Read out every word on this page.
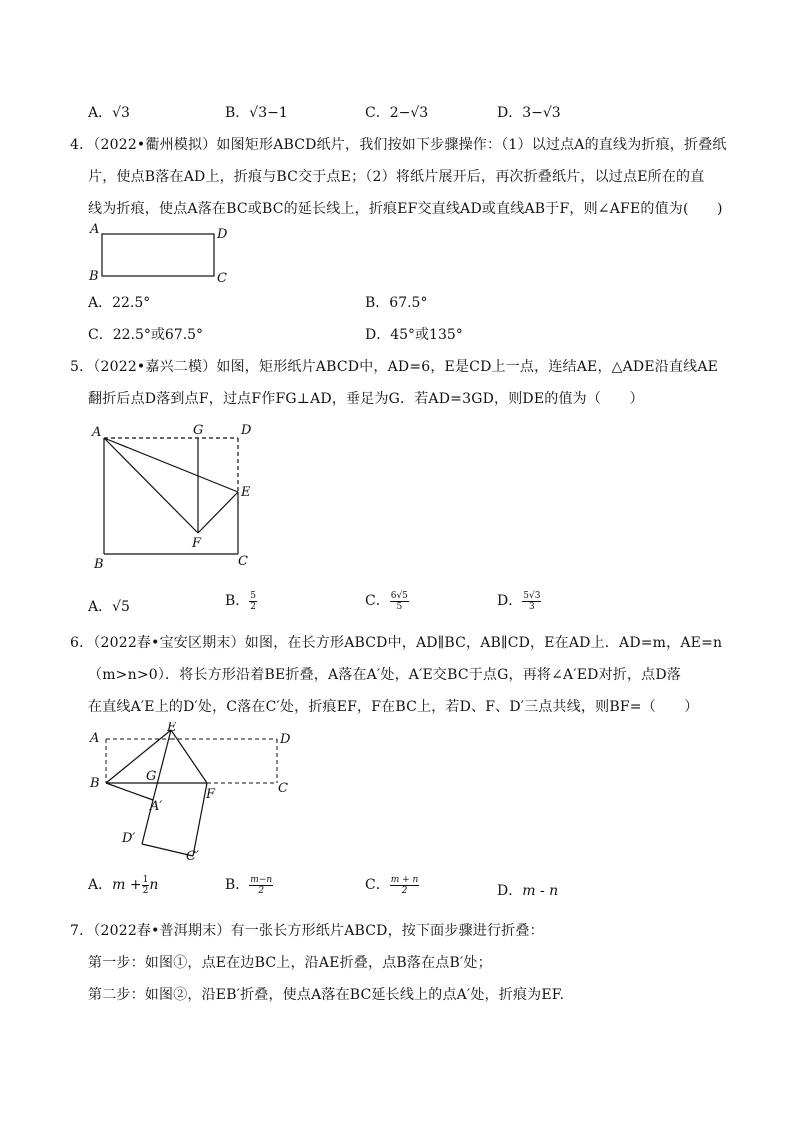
A．√3	B．√3−1	C．2−√3	D．3−√3
4．（2022•衢州模拟）如图矩形ABCD纸片，我们按如下步骤操作：（1）以过点A的直线为折痕，折叠纸
片，使点B落在AD上，折痕与BC交于点E；（2）将纸片展开后，再次折叠纸片，以过点E所在的直
线为折痕，使点A落在BC或BC的延长线上，折痕EF交直线AD或直线AB于F，则∠AFE的值为(　　)
A	D
B	C
A．22.5°	B．67.5°
C．22.5°或67.5°	D．45°或135°
5．（2022•嘉兴二模）如图，矩形纸片ABCD中，AD=6，E是CD上一点，连结AE，△ADE沿直线AE
翻折后点D落到点F，过点F作FG⊥AD，垂足为G．若AD=3GD，则DE的值为（　　）
A	G	D
E
F
B	C
A．√5	B． $\frac{5}{2}$	C． $\frac{6√5}{5}$	D． $\frac{5√3}{3}$
6．（2022春•宝安区期末）如图，在长方形ABCD中，AD∥BC，AB∥CD，E在AD上．AD=m，AE=n
（m>n>0）．将长方形沿着BE折叠，A落在A′处，A′E交BC于点G，再将∠A′ED对折，点D落
在直线A′E上的D′处，C落在C′处，折痕EF，F在BC上，若D、F、D′三点共线，则BF=（　　）
A
E
D
B	G
F	C
A′
D′
C′
A．$m + \frac{1}{2}$ n	B． $\frac{m-n}{2}$	C． $\frac{m + n}{2}$	D．m - n
7．（2022春•普洱期末）有一张长方形纸片ABCD，按下面步骤进行折叠：
第一步：如图①，点E在边BC上，沿AE折叠，点B落在点B′处；
第二步：如图②，沿EB′折叠，使点A落在BC延长线上的点A′处，折痕为EF.
